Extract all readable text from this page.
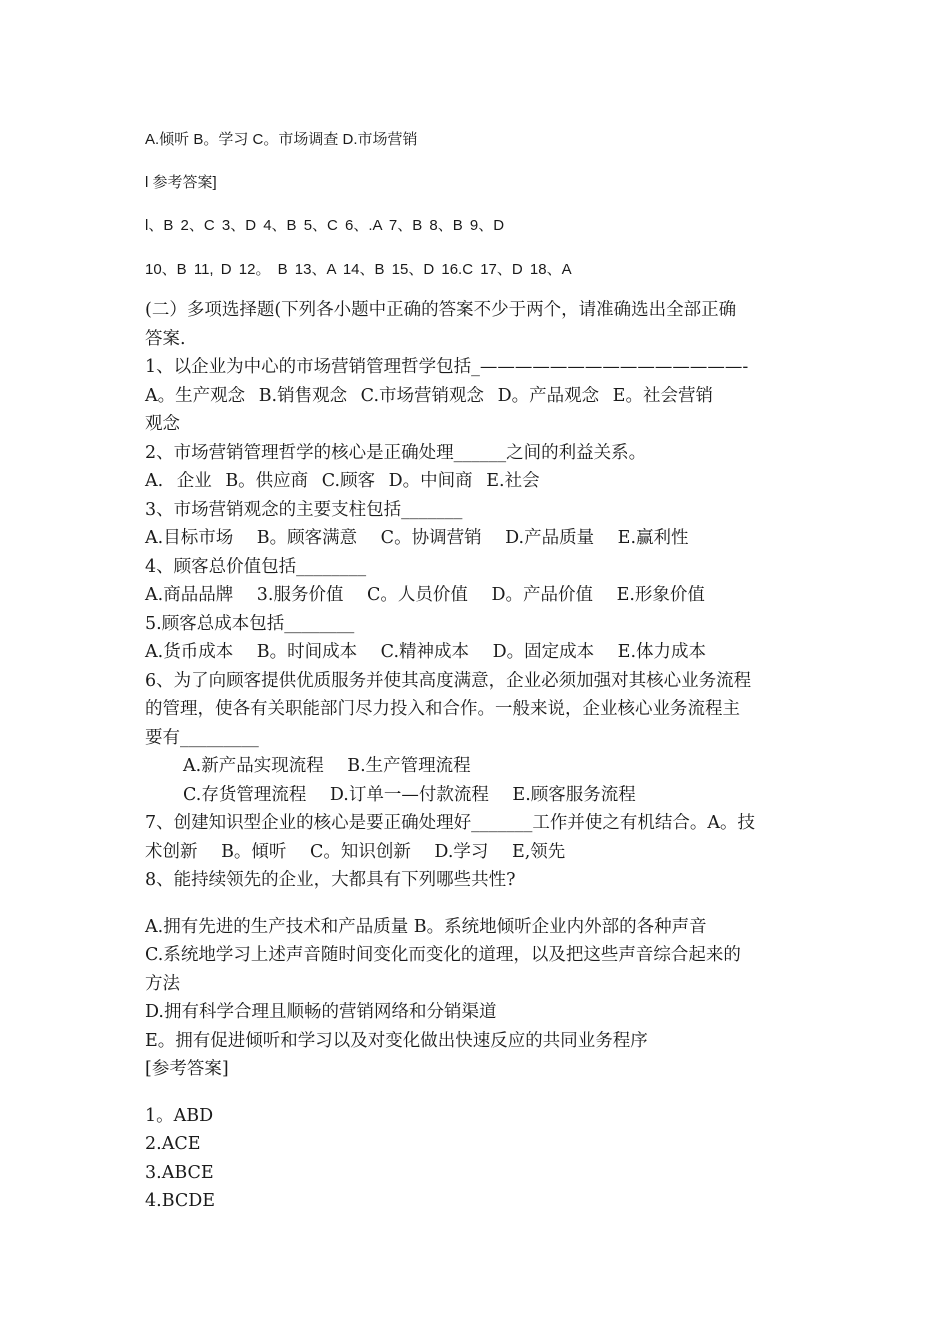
A.倾听 B。学习 C。市场调查 D.市场营销
l 参考答案]
l、B 2、C 3、D 4、B 5、C 6、.A 7、B 8、B 9、D
10、B 11, D 12。 B 13、A 14、B 15、D 16.C 17、D 18、A
(二）多项选择题(下列各小题中正确的答案不少于两个，请准确选出全部正确
答案.
1、以企业为中心的市场营销管理哲学包括_———————————————-
A。生产观念 B.销售观念 C.市场营销观念 D。产品观念 E。社会营销
观念
2、市场营销管理哲学的核心是正确处理______之间的利益关系。
A. 企业 B。供应商 C.顾客 D。中间商 E.社会
3、市场营销观念的主要支柱包括_______
A.目标市场 B。顾客满意 C。协调营销 D.产品质量 E.赢利性
4、顾客总价值包括________
A.商品品牌 3.服务价值 C。人员价值 D。产品价值 E.形象价值
5.顾客总成本包括________
A.货币成本 B。时间成本 C.精神成本 D。固定成本 E.体力成本
6、为了向顾客提供优质服务并使其高度满意，企业必须加强对其核心业务流程
的管理，使各有关职能部门尽力投入和合作。一般来说，企业核心业务流程主
要有_________
A.新产品实现流程 B.生产管理流程
C.存货管理流程 D.订单一—付款流程 E.顾客服务流程
7、创建知识型企业的核心是要正确处理好_______工作并使之有机结合。A。技
术创新 B。傾听 C。知识创新 D.学习 E,领先
8、能持续领先的企业，大都具有下列哪些共性?
A.拥有先进的生产技术和产品质量 B。系统地倾听企业内外部的各种声音
C.系统地学习上述声音随时间变化而变化的道理，以及把这些声音综合起来的
方法
D.拥有科学合理且顺畅的营销网络和分销渠道
E。拥有促进倾听和学习以及对变化做出快速反应的共同业务程序
[参考答案]
1。ABD
2.ACE
3.ABCE
4.BCDE
